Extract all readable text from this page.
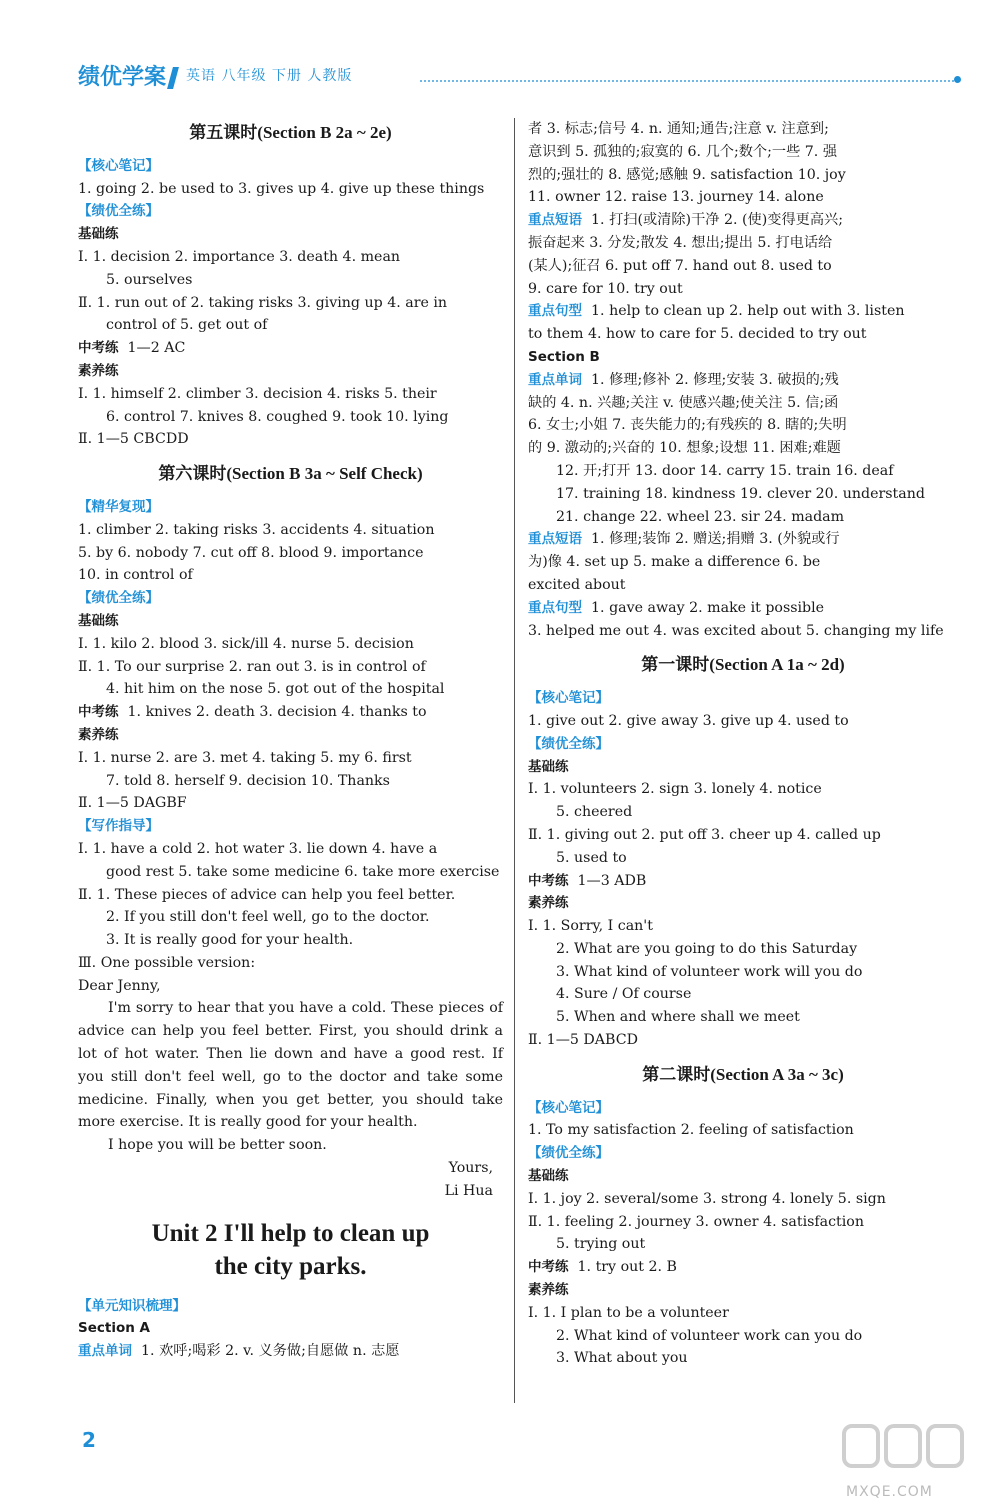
绩优学案	英语 八年级 下册 人教版
第五课时(Section B 2a ~ 2e)

【核心笔记】

1. going 2. be used to 3. gives up 4. give up these things

【绩优全练】

基础练

Ⅰ. 1. decision 2. importance 3. death 4. mean

5. ourselves

Ⅱ. 1. run out of 2. taking risks 3. giving up 4. are in

control of 5. get out of

中考练 1—2 AC

素养练

Ⅰ. 1. himself 2. climber 3. decision 4. risks 5. their

6. control 7. knives 8. coughed 9. took 10. lying

Ⅱ. 1—5 CBCDD

第六课时(Section B 3a ~ Self Check)

【精华复现】

1. climber 2. taking risks 3. accidents 4. situation

5. by 6. nobody 7. cut off 8. blood 9. importance

10. in control of

【绩优全练】

基础练

Ⅰ. 1. kilo 2. blood 3. sick/ill 4. nurse 5. decision

Ⅱ. 1. To our surprise 2. ran out 3. is in control of

4. hit him on the nose 5. got out of the hospital

中考练 1. knives 2. death 3. decision 4. thanks to

素养练

Ⅰ. 1. nurse 2. are 3. met 4. taking 5. my 6. first

7. told 8. herself 9. decision 10. Thanks

Ⅱ. 1—5 DAGBF

【写作指导】

Ⅰ. 1. have a cold 2. hot water 3. lie down 4. have a

good rest 5. take some medicine 6. take more exercise

Ⅱ. 1. These pieces of advice can help you feel better.

2. If you still don't feel well, go to the doctor.

3. It is really good for your health.

Ⅲ. One possible version:

Dear Jenny,

I'm sorry to hear that you have a cold. These pieces of advice can help you feel better. First, you should drink a lot of hot water. Then lie down and have a good rest. If you still don't feel well, go to the doctor and take some medicine. Finally, when you get better, you should take more exercise. It is really good for your health.

I hope you will be better soon.

Yours,

Li Hua

Unit 2 I'll help to clean up
the city parks.

【单元知识梳理】

Section A

重点单词 1. 欢呼;喝彩 2. v. 义务做;自愿做 n. 志愿

者 3. 标志;信号 4. n. 通知;通告;注意 v. 注意到;

意识到 5. 孤独的;寂寞的 6. 几个;数个;一些 7. 强

烈的;强壮的 8. 感觉;感触 9. satisfaction 10. joy

11. owner 12. raise 13. journey 14. alone

重点短语 1. 打扫(或清除)干净 2. (使)变得更高兴;

振奋起来 3. 分发;散发 4. 想出;提出 5. 打电话给

(某人);征召 6. put off 7. hand out 8. used to

9. care for 10. try out

重点句型 1. help to clean up 2. help out with 3. listen

to them 4. how to care for 5. decided to try out

Section B

重点单词 1. 修理;修补 2. 修理;安装 3. 破损的;残

缺的 4. n. 兴趣;关注 v. 使感兴趣;使关注 5. 信;函

6. 女士;小姐 7. 丧失能力的;有残疾的 8. 瞎的;失明

的 9. 激动的;兴奋的 10. 想象;设想 11. 困难;难题

12. 开;打开 13. door 14. carry 15. train 16. deaf

17. training 18. kindness 19. clever 20. understand

21. change 22. wheel 23. sir 24. madam

重点短语 1. 修理;装饰 2. 赠送;捐赠 3. (外貌或行

为)像 4. set up 5. make a difference 6. be

excited about

重点句型 1. gave away 2. make it possible

3. helped me out 4. was excited about 5. changing my life

第一课时(Section A 1a ~ 2d)

【核心笔记】

1. give out 2. give away 3. give up 4. used to

【绩优全练】

基础练

Ⅰ. 1. volunteers 2. sign 3. lonely 4. notice

5. cheered

Ⅱ. 1. giving out 2. put off 3. cheer up 4. called up

5. used to

中考练 1—3 ADB

素养练

Ⅰ. 1. Sorry, I can't

2. What are you going to do this Saturday

3. What kind of volunteer work will you do

4. Sure / Of course

5. When and where shall we meet

Ⅱ. 1—5 DABCD

第二课时(Section A 3a ~ 3c)

【核心笔记】

1. To my satisfaction 2. feeling of satisfaction

【绩优全练】

基础练

Ⅰ. 1. joy 2. several/some 3. strong 4. lonely 5. sign

Ⅱ. 1. feeling 2. journey 3. owner 4. satisfaction

5. trying out

中考练 1. try out 2. B

素养练

Ⅰ. 1. I plan to be a volunteer

2. What kind of volunteer work can you do

3. What about you

2
MXQE.COM
